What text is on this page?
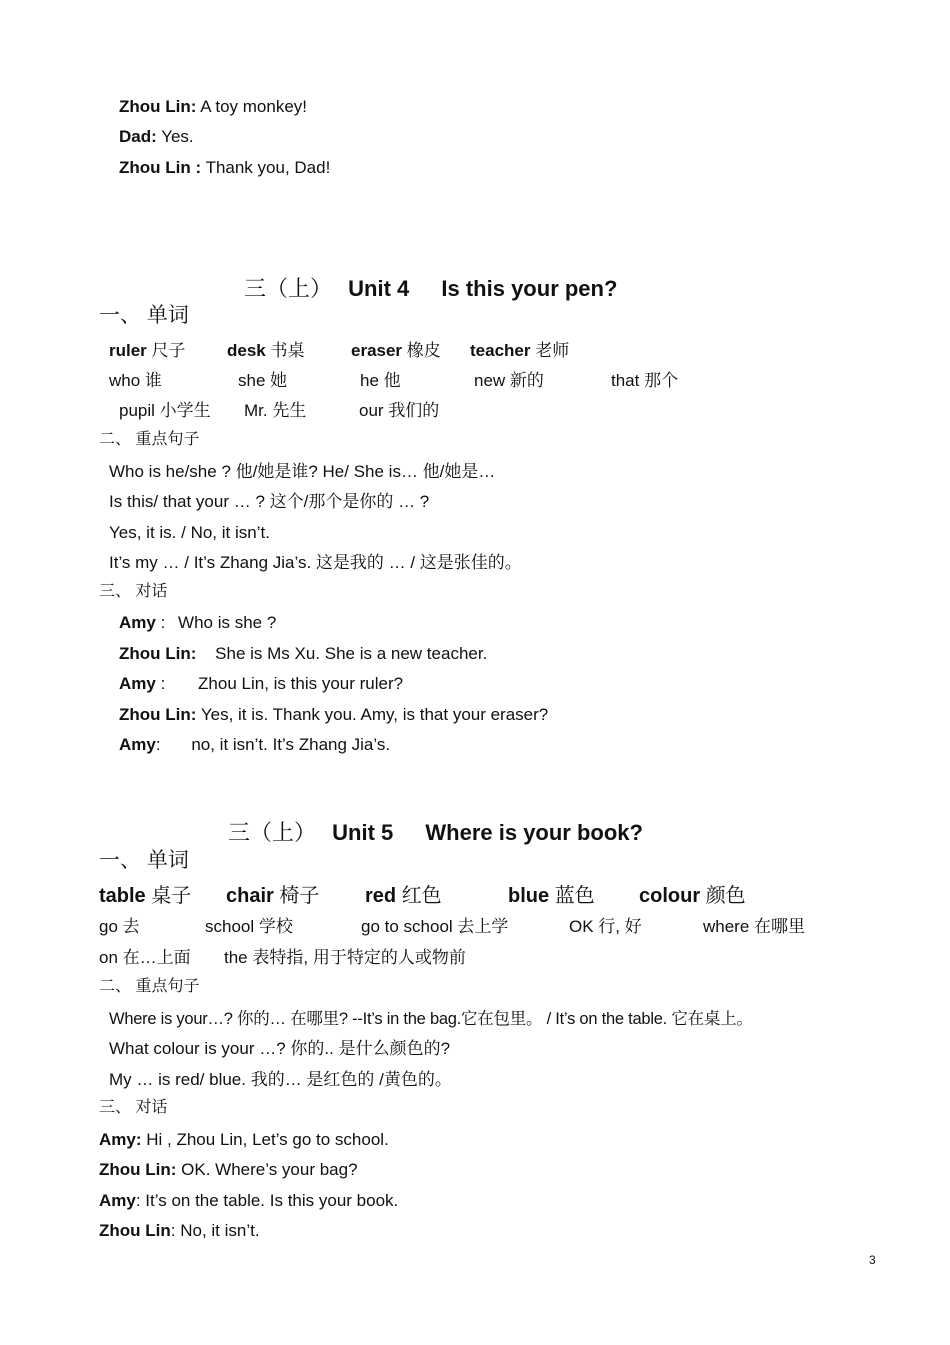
Zhou Lin: A toy monkey!
Dad: Yes.
Zhou Lin : Thank you, Dad!
三（上） Unit 4 Is this your pen?
一、 单词
ruler 尺子 desk 书桌	eraser 橡皮 teacher 老师
who 谁	she 她	he 他	new 新的	that 那个
pupil 小学生 Mr. 先生	our 我们的
二、 重点句子
Who is he/she ? 他/她是谁? He/ She is… 他/她是…
Is this/ that your … ? 这个/那个是你的 … ?
Yes, it is. / No, it isn’t.
It’s my … / It’s Zhang Jia’s. 这是我的 … / 这是张佳的。
三、 对话
Amy : Who is she ?
Zhou Lin: She is Ms Xu. She is a new teacher.
Amy : Zhou Lin, is this your ruler?
Zhou Lin: Yes, it is. Thank you. Amy, is that your eraser?
Amy: no, it isn’t. It’s Zhang Jia’s.
三（上） Unit 5 Where is your book?
一、 单词
table 桌子 chair 椅子 red 红色	blue 蓝色 colour 颜色
go 去	school 学校	go to school 去上学	OK 行, 好	where 在哪里
on 在…上面 the 表特指, 用于特定的人或物前
二、 重点句子
Where is your…? 你的… 在哪里? --It’s in the bag.它在包里。 / It’s on the table. 它在桌上。
What colour is your …? 你的.. 是什么颜色的?
My … is red/ blue. 我的… 是红色的 /黄色的。
三、 对话
Amy: Hi , Zhou Lin, Let’s go to school.
Zhou Lin: OK. Where’s your bag?
Amy: It’s on the table. Is this your book.
Zhou Lin: No, it isn’t.
3
